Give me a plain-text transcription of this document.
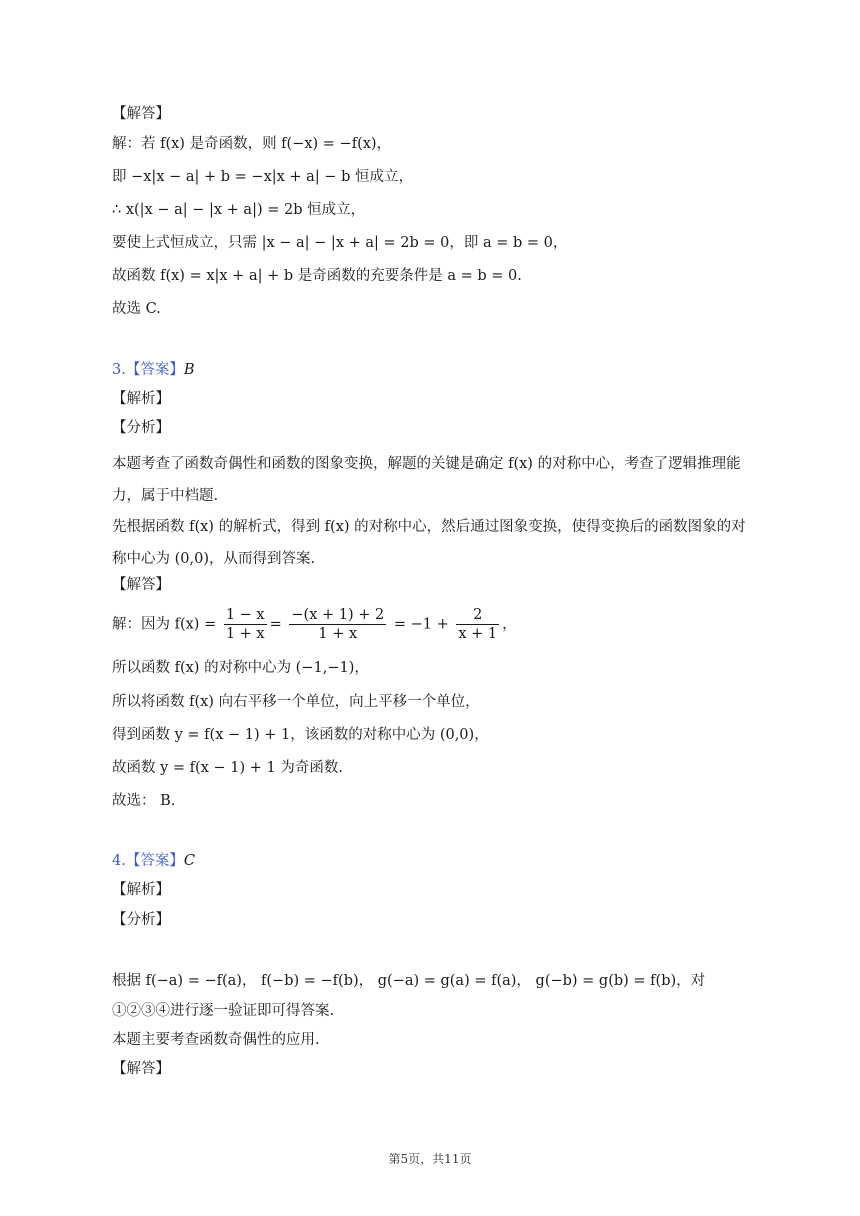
【解答】
解：若 f(x) 是奇函数，则 f(−x) = −f(x)，
即 −x|x − a| + b = −x|x + a| − b 恒成立，
∴ x(|x − a| − |x + a|) = 2b 恒成立，
要使上式恒成立，只需 |x − a| − |x + a| = 2b = 0，即 a = b = 0，
故函数 f(x) = x|x + a| + b 是奇函数的充要条件是 a = b = 0.
故选 C.
3.【答案】B
【解析】
【分析】
本题考查了函数奇偶性和函数的图象变换，解题的关键是确定 f(x) 的对称中心，考查了逻辑推理能力，属于中档题.
先根据函数 f(x) 的解析式，得到 f(x) 的对称中心，然后通过图象变换，使得变换后的函数图象的对称中心为 (0,0)，从而得到答案.
【解答】
解：因为 $f(x) = \frac{1 - x}{1 + x} = \frac{-(x + 1) + 2}{1 + x} = -1 + \frac{2}{x + 1}$ ，
所以函数 f(x) 的对称中心为 (−1,−1)，
所以将函数 f(x) 向右平移一个单位，向上平移一个单位，
得到函数 y = f(x − 1) + 1，该函数的对称中心为 (0,0)，
故函数 y = f(x − 1) + 1 为奇函数.
故选： B.
4.【答案】C
【解析】
【分析】
根据 f(−a) = −f(a)， f(−b) = −f(b)， g(−a) = g(a) = f(a)， g(−b) = g(b) = f(b)，对
①②③④进行逐一验证即可得答案.
本题主要考查函数奇偶性的应用.
【解答】
第5页，共11页
